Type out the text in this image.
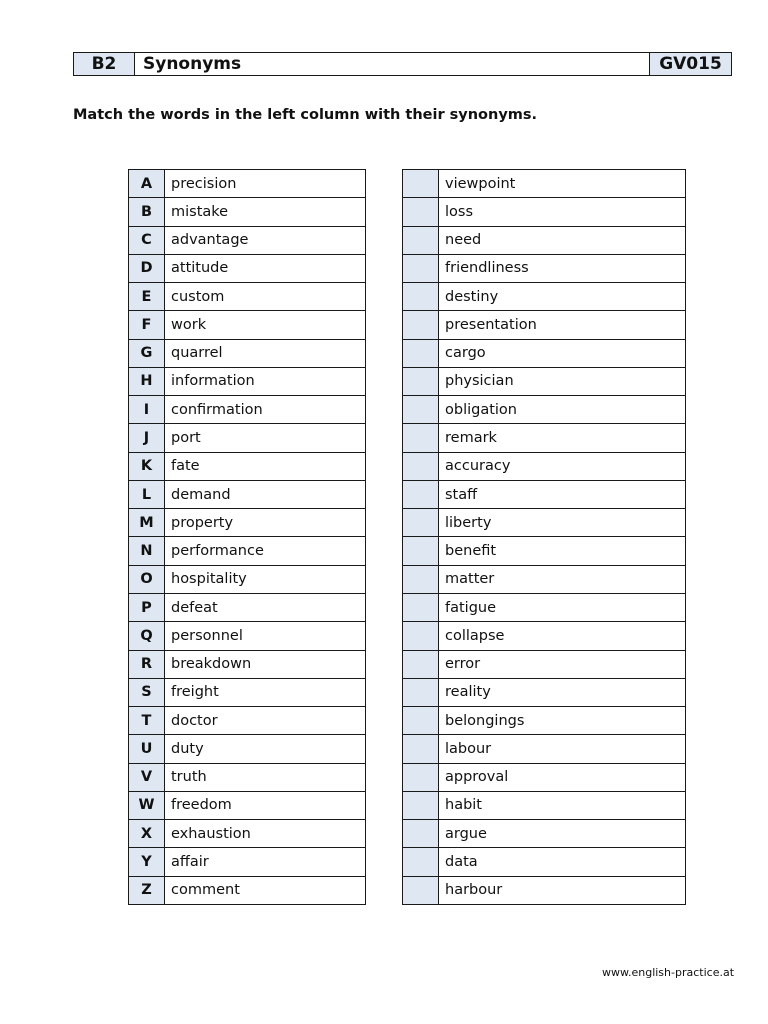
B2	Synonyms	GV015
Match the words in the left column with their synonyms.
A	precision
B	mistake
C	advantage
D	attitude
E	custom
F	work
G	quarrel
H	information
I	confirmation
J	port
K	fate
L	demand
M	property
N	performance
O	hospitality
P	defeat
Q	personnel
R	breakdown
S	freight
T	doctor
U	duty
V	truth
W	freedom
X	exhaustion
Y	affair
Z	comment
	viewpoint
	loss
	need
	friendliness
	destiny
	presentation
	cargo
	physician
	obligation
	remark
	accuracy
	staff
	liberty
	benefit
	matter
	fatigue
	collapse
	error
	reality
	belongings
	labour
	approval
	habit
	argue
	data
	harbour
www.english-practice.at
